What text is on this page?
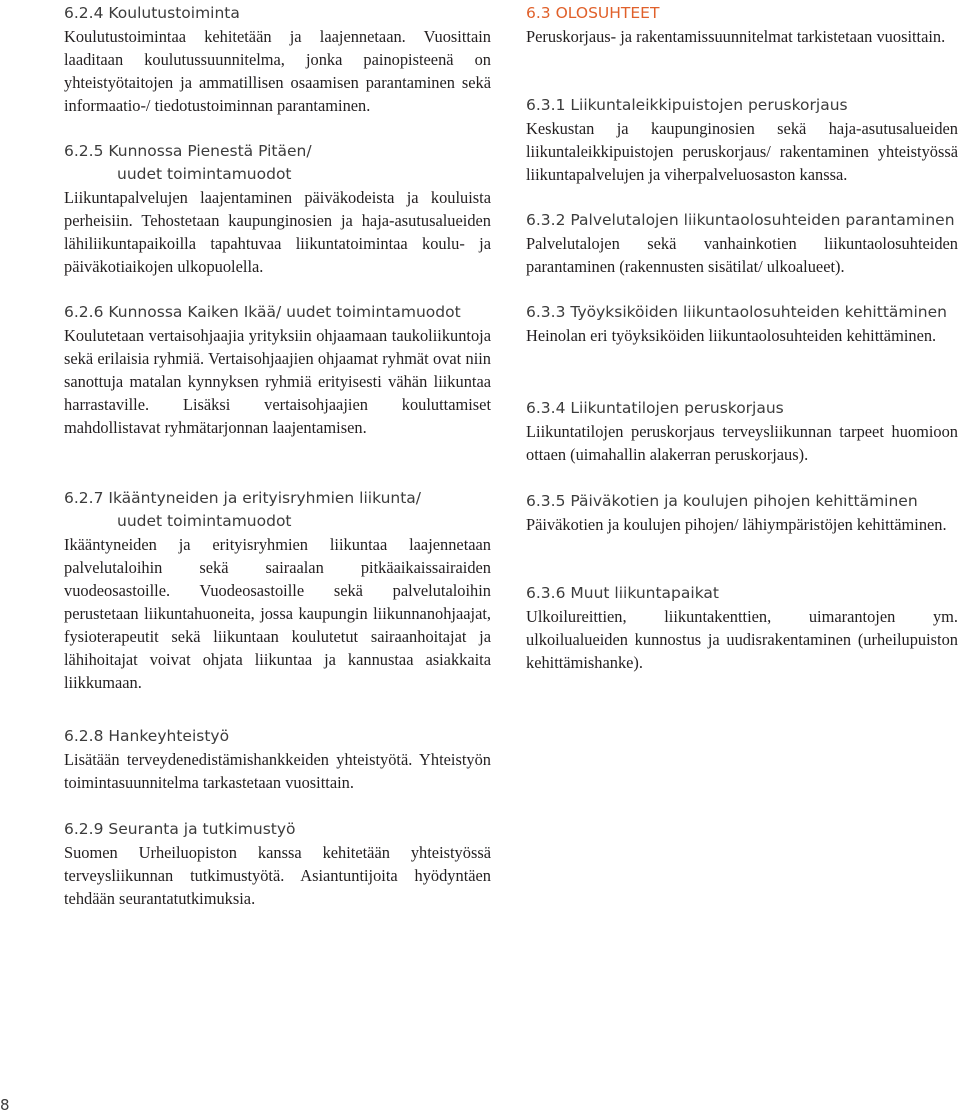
6.2.4 Koulutustoiminta
Koulutustoimintaa kehitetään ja laajennetaan. Vuosittain laaditaan koulutussuunnitelma, jonka painopisteenä on yhteistyötaitojen ja ammatillisen osaamisen parantaminen sekä informaatio-/ tiedotustoiminnan parantaminen.
6.2.5 Kunnossa Pienestä Pitäen/
uudet toimintamuodot
Liikuntapalvelujen laajentaminen päiväkodeista ja kouluista perheisiin. Tehostetaan kaupunginosien ja haja-asutusalueiden lähiliikuntapaikoilla tapahtuvaa liikuntatoimintaa koulu- ja päiväkotiaikojen ulkopuolella.
6.2.6 Kunnossa Kaiken Ikää/ uudet toimintamuodot
Koulutetaan vertaisohjaajia yrityksiin ohjaamaan taukoliikuntoja sekä erilaisia ryhmiä. Vertaisohjaajien ohjaamat ryhmät ovat niin sanottuja matalan kynnyksen ryhmiä erityisesti vähän liikuntaa harrastaville. Lisäksi vertaisohjaajien kouluttamiset mahdollistavat ryhmätarjonnan laajentamisen.
6.2.7 Ikääntyneiden ja erityisryhmien liikunta/
uudet toimintamuodot
Ikääntyneiden ja erityisryhmien liikuntaa laajennetaan palvelutaloihin sekä sairaalan pitkäaikaissairaiden vuodeosastoille. Vuodeosastoille sekä palvelutaloihin perustetaan liikuntahuoneita, jossa kaupungin liikunnanohjaajat, fysioterapeutit sekä liikuntaan koulutetut sairaanhoitajat ja lähihoitajat voivat ohjata liikuntaa ja kannustaa asiakkaita liikkumaan.
6.2.8 Hankeyhteistyö
Lisätään terveydenedistämishankkeiden yhteistyötä. Yhteistyön toimintasuunnitelma tarkastetaan vuosittain.
6.2.9 Seuranta ja tutkimustyö
Suomen Urheiluopiston kanssa kehitetään yhteistyössä terveysliikunnan tutkimustyötä. Asiantuntijoita hyödyntäen tehdään seurantatutkimuksia.
6.3 OLOSUHTEET
Peruskorjaus- ja rakentamissuunnitelmat tarkistetaan vuosittain.
6.3.1 Liikuntaleikkipuistojen peruskorjaus
Keskustan ja kaupunginosien sekä haja-asutusalueiden liikuntaleikkipuistojen peruskorjaus/ rakentaminen yhteistyössä liikuntapalvelujen ja viherpalveluosaston kanssa.
6.3.2 Palvelutalojen liikuntaolosuhteiden parantaminen
Palvelutalojen sekä vanhainkotien liikuntaolosuhteiden parantaminen (rakennusten sisätilat/ ulkoalueet).
6.3.3 Työyksiköiden liikuntaolosuhteiden kehittäminen
Heinolan eri työyksiköiden liikuntaolosuhteiden kehittäminen.
6.3.4 Liikuntatilojen peruskorjaus
Liikuntatilojen peruskorjaus terveysliikunnan tarpeet huomioon ottaen (uimahallin alakerran peruskorjaus).
6.3.5 Päiväkotien ja koulujen pihojen kehittäminen
Päiväkotien ja koulujen pihojen/ lähiympäristöjen kehittäminen.
6.3.6 Muut liikuntapaikat
Ulkoilureittien, liikuntakenttien, uimarantojen ym. ulkoilualueiden kunnostus ja uudisrakentaminen (urheilupuiston kehittämishanke).
8
